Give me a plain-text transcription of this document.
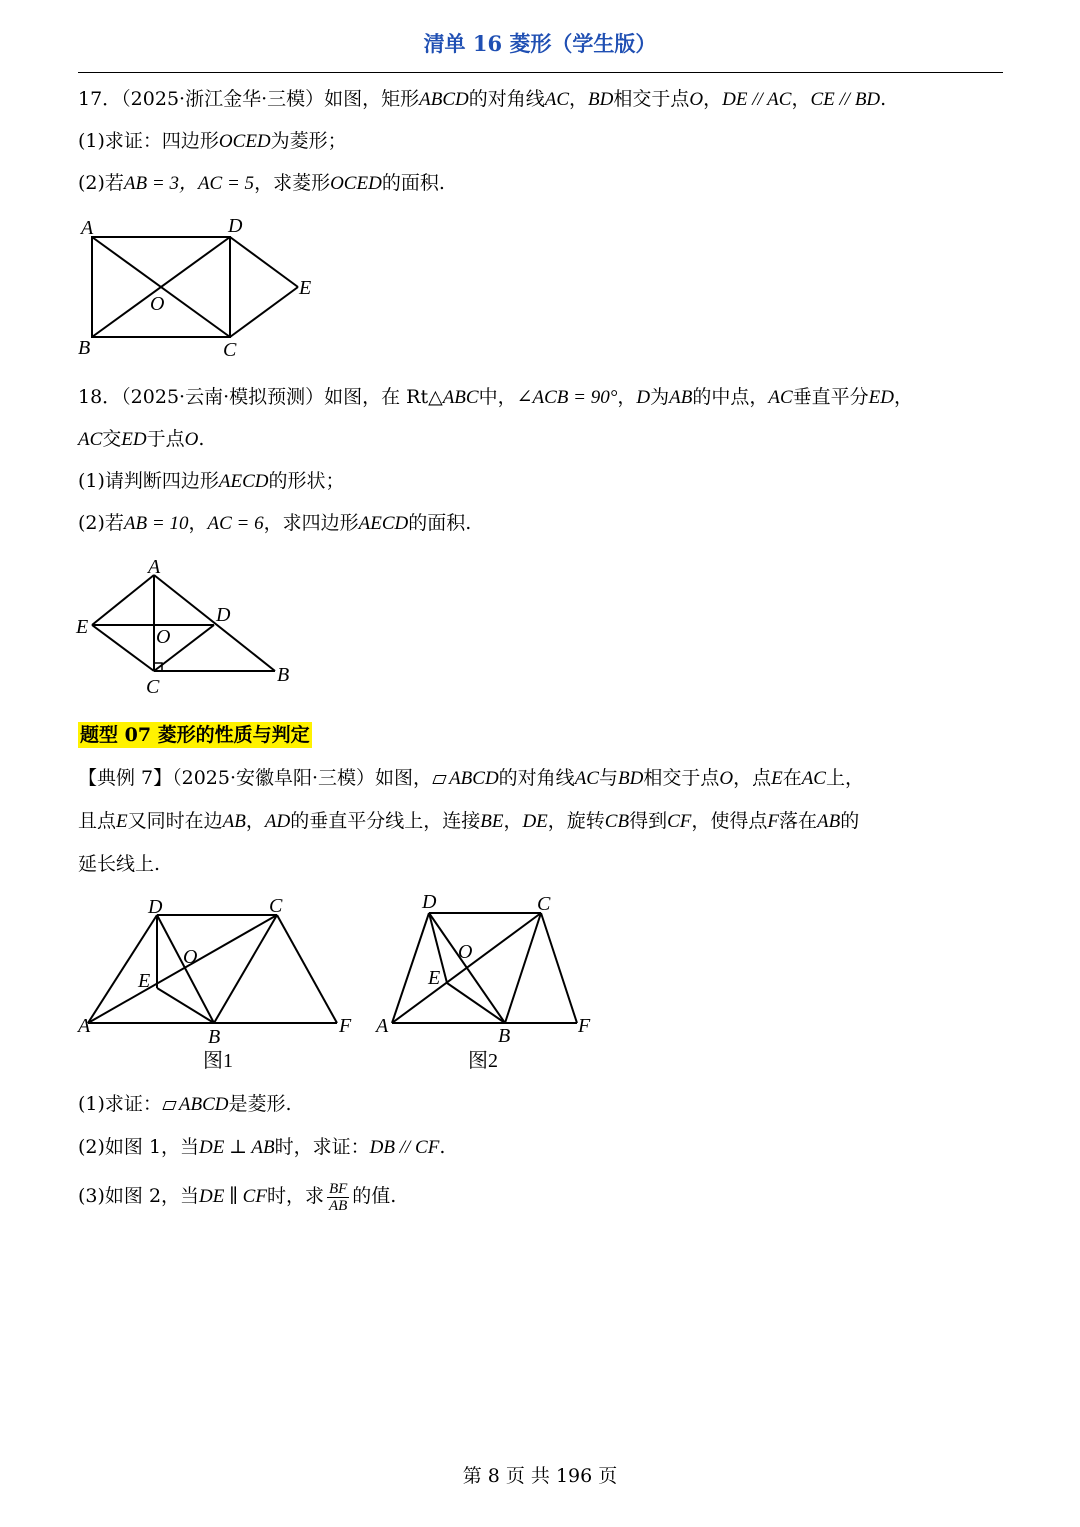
清单 16 菱形（学生版）
17．（2025·浙江金华·三模）如图，矩形ABCD的对角线AC，BD相交于点O，DE // AC，CE // BD.
(1)求证：四边形OCED为菱形；
(2)若AB = 3，AC = 5，求菱形OCED的面积.
A	D
E
O
B	C
18．（2025·云南·模拟预测）如图，在 Rt△ABC中，∠ACB = 90°，D为AB的中点，AC垂直平分ED，
AC交ED于点O.
(1)请判断四边形AECD的形状；
(2)若AB = 10，AC = 6，求四边形AECD的面积.
A
E
D
O
C
B
题型 07 菱形的性质与判定
【典例 7】（2025·安徽阜阳·三模）如图， ABCD的对角线AC与BD相交于点O，点E在AC上，
且点E又同时在边AB，AD的垂直平分线上，连接BE，DE，旋转CB得到CF，使得点F落在AB的
延长线上.
D	C
O
E
A	B	F
图1
D	C
O
E
A	B	F
图2
(1)求证： ABCD是菱形.
(2)如图 1，当DE ⊥ AB时，求证：DB // CF.
(3)如图 2，当DE ∥ CF时，求 $\frac{BF}{AB}$ 的值.
第 8 页 共 196 页
